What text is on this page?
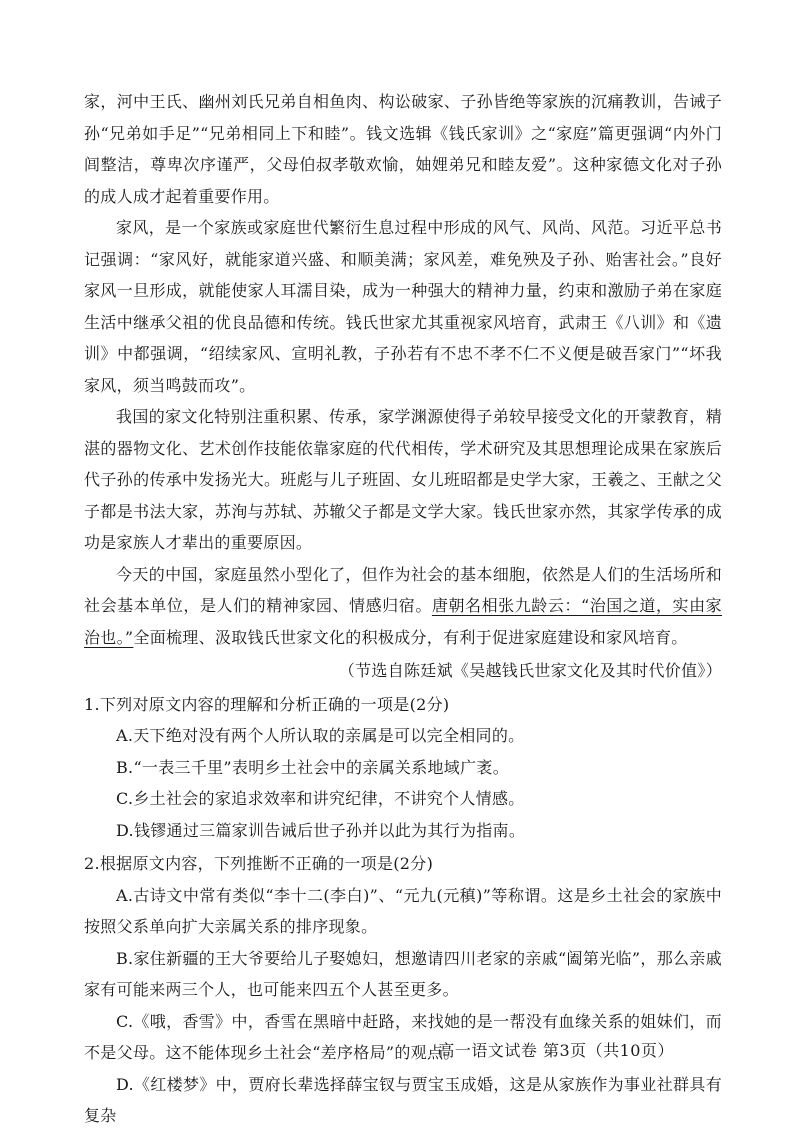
家，河中王氏、幽州刘氏兄弟自相鱼肉、构讼破家、子孙皆绝等家族的沉痛教训，告诫子孙“兄弟如手足”“兄弟相同上下和睦”。钱文选辑《钱氏家训》之“家庭”篇更强调“内外门闾整洁，尊卑次序谨严，父母伯叔孝敬欢愉，妯娌弟兄和睦友爱”。这种家德文化对子孙的成人成才起着重要作用。

家风，是一个家族或家庭世代繁衍生息过程中形成的风气、风尚、风范。习近平总书记强调：“家风好，就能家道兴盛、和顺美满；家风差，难免殃及子孙、贻害社会。”良好家风一旦形成，就能使家人耳濡目染，成为一种强大的精神力量，约束和激励子弟在家庭生活中继承父祖的优良品德和传统。钱氏世家尤其重视家风培育，武肃王《八训》和《遗训》中都强调，“绍续家风、宣明礼教，子孙若有不忠不孝不仁不义便是破吾家门”“坏我家风，须当鸣鼓而攻”。

我国的家文化特别注重积累、传承，家学渊源使得子弟较早接受文化的开蒙教育，精湛的器物文化、艺术创作技能依靠家庭的代代相传，学术研究及其思想理论成果在家族后代子孙的传承中发扬光大。班彪与儿子班固、女儿班昭都是史学大家，王羲之、王献之父子都是书法大家，苏洵与苏轼、苏辙父子都是文学大家。钱氏世家亦然，其家学传承的成功是家族人才辈出的重要原因。

今天的中国，家庭虽然小型化了，但作为社会的基本细胞，依然是人们的生活场所和社会基本单位，是人们的精神家园、情感归宿。唐朝名相张九龄云：“治国之道，实由家治也。”全面梳理、汲取钱氏世家文化的积极成分，有利于促进家庭建设和家风培育。

（节选自陈廷斌《吴越钱氏世家文化及其时代价值》）

1.下列对原文内容的理解和分析正确的一项是(2分)

A.天下绝对没有两个人所认取的亲属是可以完全相同的。

B.“一表三千里”表明乡土社会中的亲属关系地域广袤。

C.乡土社会的家追求效率和讲究纪律，不讲究个人情感。

D.钱镠通过三篇家训告诫后世子孙并以此为其行为指南。

2.根据原文内容，下列推断不正确的一项是(2分)

A.古诗文中常有类似“李十二(李白)”、“元九(元稹)”等称谓。这是乡土社会的家族中按照父系单向扩大亲属关系的排序现象。

B.家住新疆的王大爷要给儿子娶媳妇，想邀请四川老家的亲戚“阖第光临”，那么亲戚家有可能来两三个人，也可能来四五个人甚至更多。

C.《哦，香雪》中，香雪在黑暗中赶路，来找她的是一帮没有血缘关系的姐妹们，而不是父母。这不能体现乡土社会“差序格局”的观点。

D.《红楼梦》中，贾府长辈选择薛宝钗与贾宝玉成婚，这是从家族作为事业社群具有复杂

高一语文试卷 第3页（共10页）
